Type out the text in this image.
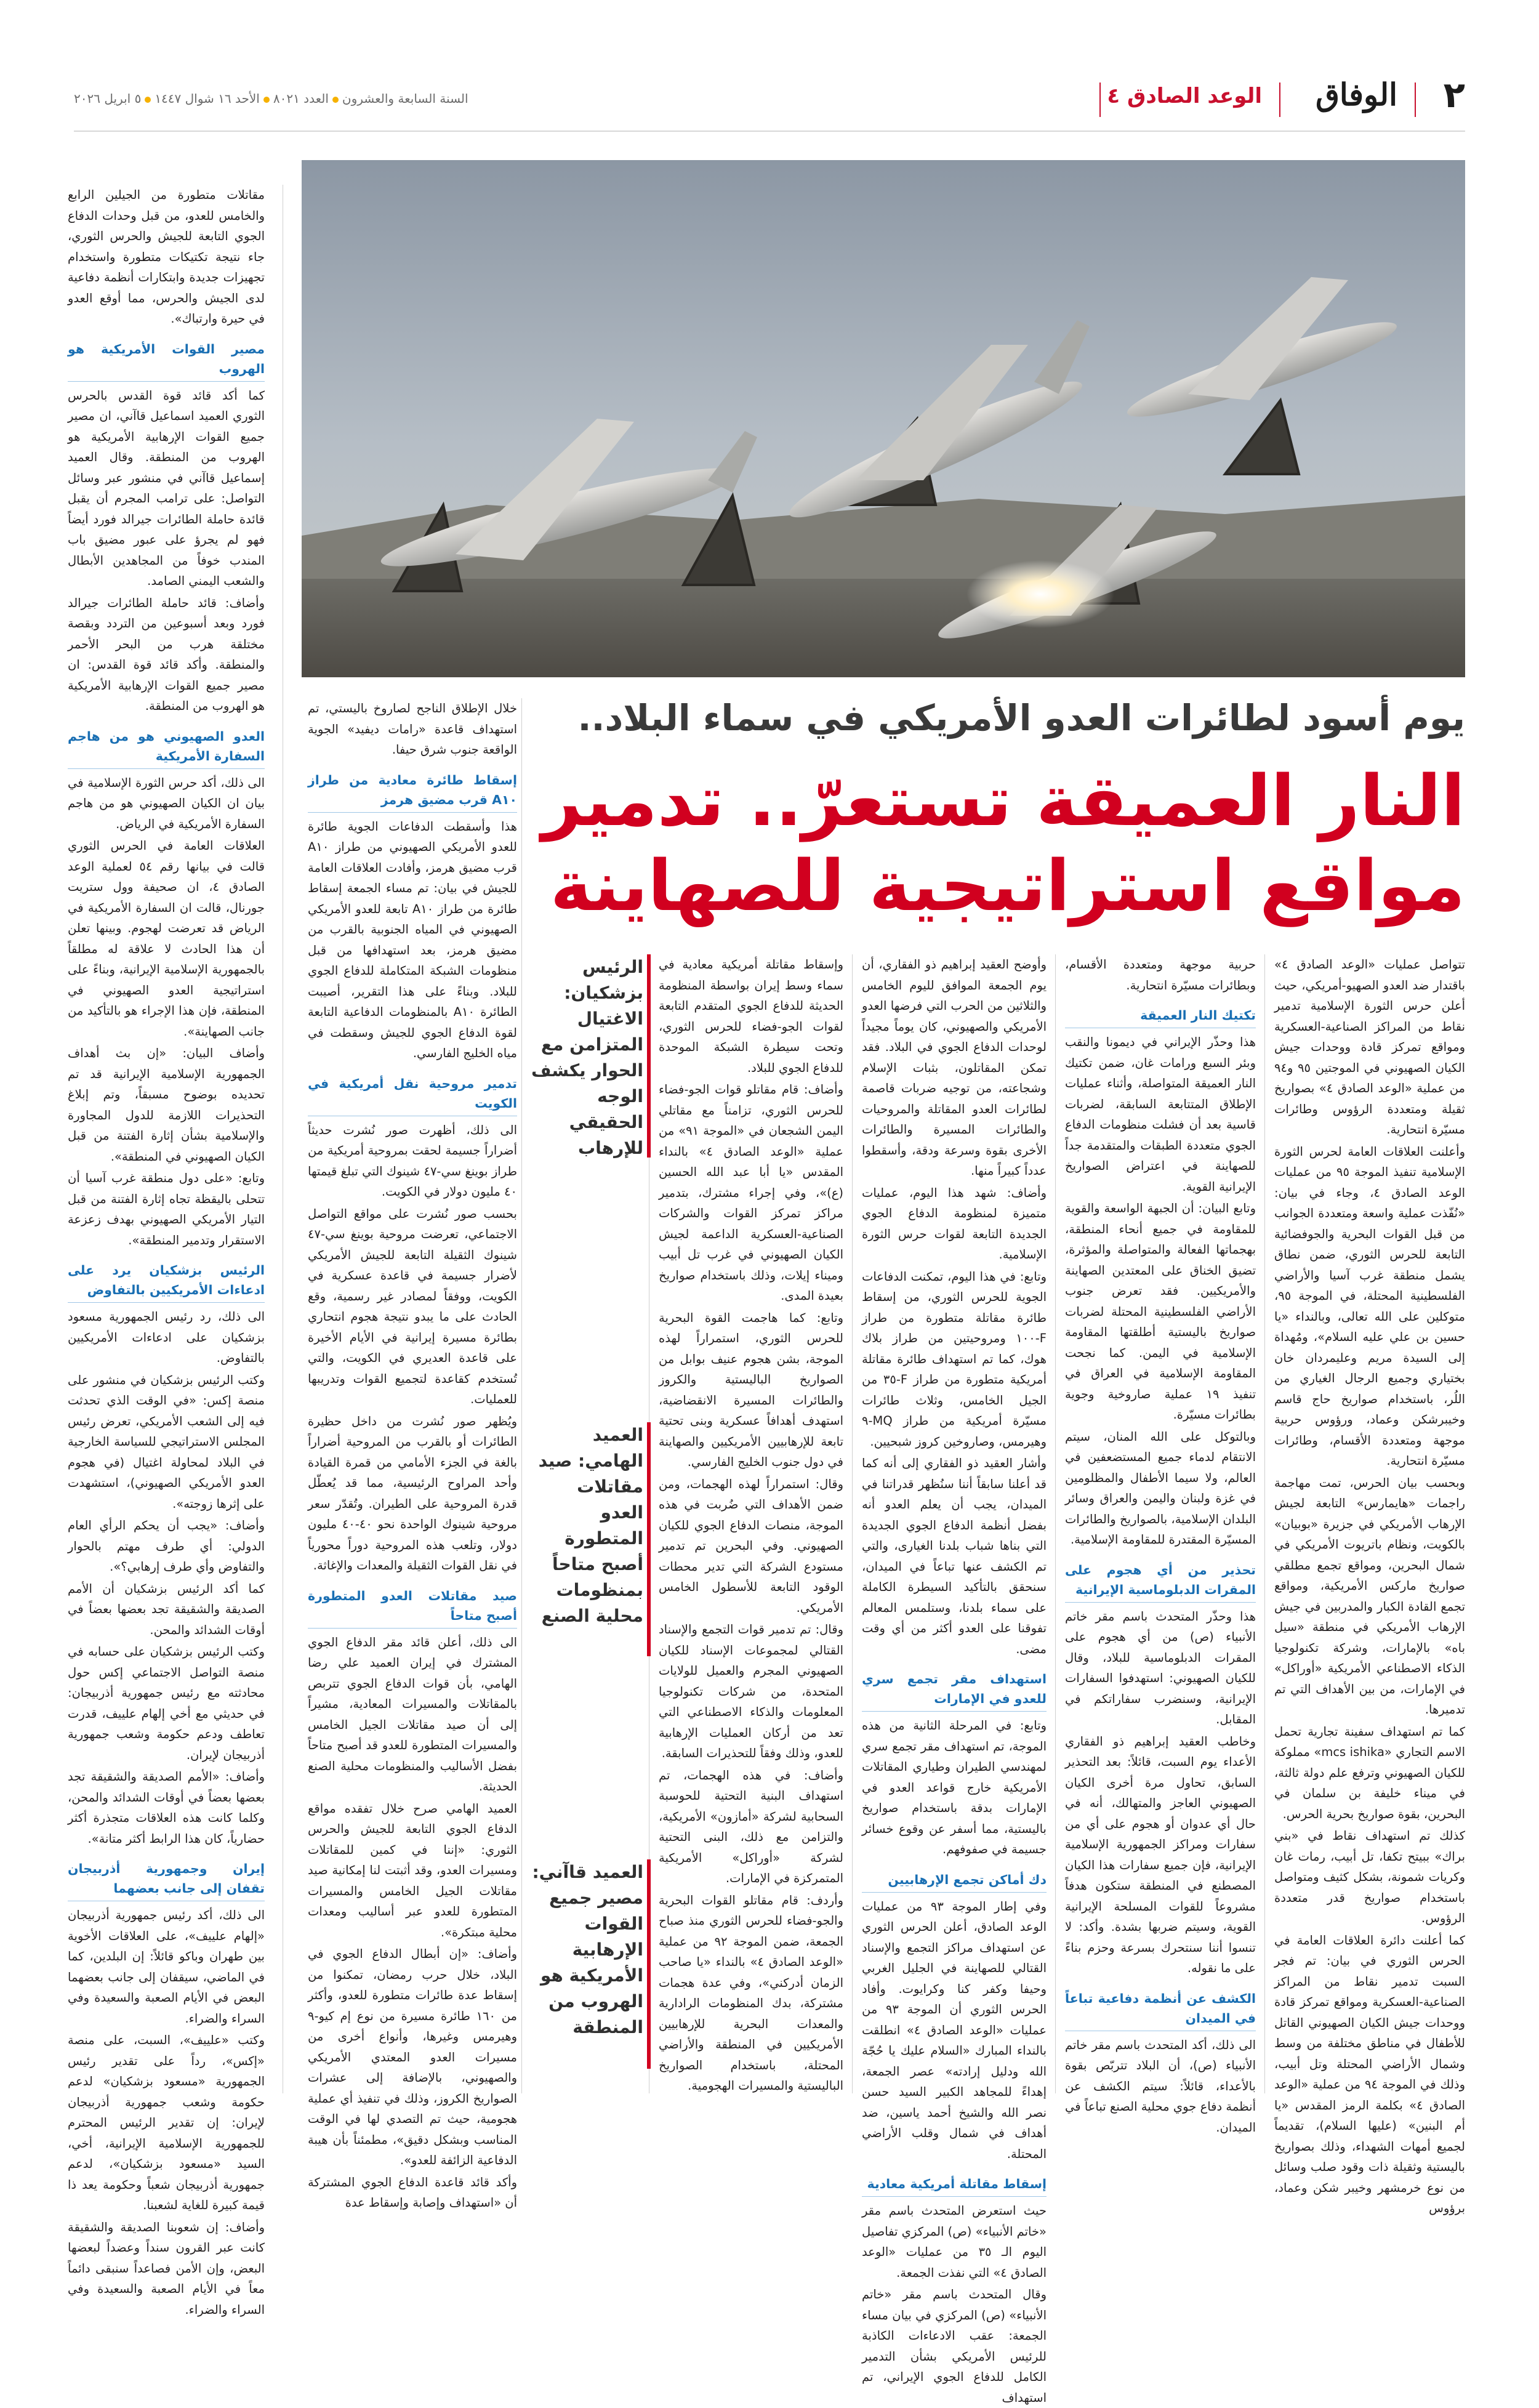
٢
الوفاق
الوعد الصادق ٤
السنة السابعة والعشرونالعدد ٨٠٢١الأحد ١٦ شوال ١٤٤٧٥ ابريل ٢٠٢٦
يوم أسود لطائرات العدو الأمريكي في سماء البلاد..
النار العميقة تستعرّ.. تدمير
مواقع استراتيجية للصهاينة

تتواصل عمليات «الوعد الصادق ٤» باقتدار ضد العدو الصهيو-أمريكي، حيث أعلن حرس الثورة الإسلامية تدمير نقاط من المراكز الصناعية-العسكرية ومواقع تمركز قادة ووحدات جيش الكيان الصهيوني في الموجتين ٩٥ و٩٤ من عملية «الوعد الصادق ٤» بصواريخ ثقيلة ومتعددة الرؤوس وطائرات مسيّرة انتحارية.

وأعلنت العلاقات العامة لحرس الثورة الإسلامية تنفيذ الموجة ٩٥ من عمليات الوعد الصادق ٤، وجاء في بيان: «نُفّذت عملية واسعة ومتعددة الجوانب من قبل القوات البحرية والجوفضائية التابعة للحرس الثوري، ضمن نطاق يشمل منطقة غرب آسيا والأراضي الفلسطينية المحتلة، في الموجة ٩٥، متوكلين على الله تعالى، وبالنداء «يا حسين بن علي عليه السلام»، ومُهداة إلى السيدة مريم وعليمردان خان بختياري وجميع الرجال الغياري من اللُر، باستخدام صواريخ حاج قاسم وخيبرشكن وعماد، ورؤوس حربية موجهة ومتعددة الأقسام، وطائرات مسيّرة انتحارية.

وبحسب بيان الحرس، تمت مهاجمة راجمات «هايمارس» التابعة لجيش الإرهاب الأمريكي في جزيرة «بوبيان» بالكويت، ونظام باتريوت الأمريكي في شمال البحرين، ومواقع تجمع مطلقي صواريخ ماركس الأمريكية، ومواقع تجمع القادة الكبار والمدربين في جيش الإرهاب الأمريكي في منطقة «سيل باه» بالإمارات، وشركة تكنولوجيا الذكاء الاصطناعي الأمريكية «أوراكل» في الإمارات، من بين الأهداف التي تم تدميرها.

كما تم استهداف سفينة تجارية تحمل الاسم التجاري «mcs ishika» مملوكة للكيان الصهيوني وترفع علم دولة ثالثة، في ميناء خليفة بن سلمان في البحرين، بقوة صواريخ بحرية الحرس.

كذلك تم استهداف نقاط في «بني براك» ببيتح تكفا، تل أبيب، رمات غان وكريات شمونة، بشكل كثيف ومتواصل باستخدام صواريخ قدر متعددة الرؤوس.

كما أعلنت دائرة العلاقات العامة في الحرس الثوري في بيان: تم فجر السبت تدمير نقاط من المراكز الصناعية-العسكرية ومواقع تمركز قادة ووحدات جيش الكيان الصهيوني القاتل للأطفال في مناطق مختلفة من وسط وشمال الأراضي المحتلة وتل أبيب، وذلك في الموجة ٩٤ من عملية «الوعد الصادق ٤» بكلمة الرمز المقدس «يا أم البنين» (عليها السلام)، تقديماً لجميع أمهات الشهداء، وذلك بصواريخ باليستية وثقيلة ذات وقود صلب وسائل من نوع خرمشهر وخيبر شكن وعماد، برؤوس

حربية موجهة ومتعددة الأقسام، وبطائرات مسيّرة انتحارية.

تكتيك النار العميقة

هذا وحذّر الإيراني في ديمونا والنقب وبئر السبع ورامات غان، ضمن تكتيك النار العميقة المتواصلة، وأثناء عمليات الإطلاق المتتابعة السابقة، لضربات قاسية بعد أن فشلت منظومات الدفاع الجوي متعددة الطبقات والمتقدمة جداً للصهاينة في اعتراض الصواريخ الإيرانية القوية.

وتابع البيان: أن الجبهة الواسعة والقوية للمقاومة في جميع أنحاء المنطقة، بهجماتها الفعالة والمتواصلة والمؤثرة، تضيق الخناق على المعتدين الصهاينة والأمريكيين. فقد تعرض جنوب الأراضي الفلسطينية المحتلة لضربات صواريخ باليستية أطلقتها المقاومة الإسلامية في اليمن. كما نجحت المقاومة الإسلامية في العراق في تنفيذ ١٩ عملية صاروخية وجوية بطائرات مسيّرة.

وبالتوكل على الله المنان، سيتم الانتقام لدماء جميع المستضعفين في العالم، ولا سيما الأطفال والمظلومين في غزة ولبنان واليمن والعراق وسائر البلدان الإسلامية، بالصواريخ والطائرات المسيّرة المقتدرة للمقاومة الإسلامية.

تحذير من أي هجوم على المقرات الدبلوماسية الإيرانية

هذا وحذّر المتحدث باسم مقر خاتم الأنبياء (ص) من أي هجوم على المقرات الدبلوماسية للبلاد، وقال للكيان الصهيوني: استهدفوا السفارات الإيرانية، وسنضرب سفاراتكم في المقابل.

وخاطب العقيد إبراهيم ذو الفقاري الأعداء يوم السبت، قائلاً: بعد التحذير السابق، تحاول مرة أخرى الكيان الصهيوني العاجز والمتهالك، أنه في حال أي عدوان أو هجوم على أي من سفارات ومراكز الجمهورية الإسلامية الإيرانية، فإن جميع سفارات هذا الكيان المصطنع في المنطقة ستكون هدفاً مشروعاً للقوات المسلحة الإيرانية القوية، وسيتم ضربها بشدة. وأكد: لا تنسوا أننا سنتحرك بسرعة وحزم بناءً على ما نقوله.

الكشف عن أنظمة دفاعية تباعاً في الميدان

الى ذلك، أكد المتحدث باسم مقر خاتم الأنبياء (ص)، أن البلاد تتربّص بقوة بالأعداء، قائلاً: سيتم الكشف عن أنظمة دفاع جوي محلية الصنع تباعاً في الميدان.

وأوضح العقيد إبراهيم ذو الفقاري، أن يوم الجمعة الموافق لليوم الخامس والثلاثين من الحرب التي فرضها العدو الأمريكي والصهيوني، كان يوماً مجيداً لوحدات الدفاع الجوي في البلاد. فقد تمكن المقاتلون، بثبات الإسلام وشجاعته، من توجيه ضربات قاصمة لطائرات العدو المقاتلة والمروحيات والطائرات المسيرة والطائرات الأخرى بقوة وسرعة ودقة، وأسقطوا عدداً كبيراً منها.

وأضاف: شهد هذا اليوم، عمليات متميزة لمنظومة الدفاع الجوي الجديدة التابعة لقوات حرس الثورة الإسلامية.

وتابع: في هذا اليوم، تمكنت الدفاعات الجوية للحرس الثوري، من إسقاط طائرة مقاتلة متطورة من طراز F-١٠٠ ومروحيتين من طراز بلاك هوك، كما تم استهداف طائرة مقاتلة أمريكية متطورة من طراز F-٣٥ من الجيل الخامس، وثلاث طائرات مسيّرة أمريكية من طراز MQ-٩ وهيرمس، وصاروخين كروز شبحيين.

وأشار العقيد ذو الفقاري إلى أنه كما قد أعلنا سابقاً أننا سنُظهر قدراتنا في الميدان، يجب أن يعلم العدو أنه بفضل أنظمة الدفاع الجوي الجديدة التي بناها شباب بلدنا الغيارى، والتي تم الكشف عنها تباعاً في الميدان، سنحقق بالتأكيد السيطرة الكاملة على سماء بلدنا، وستلمس المعالم تفوقنا على العدو أكثر من أي وقت مضى.

استهداف مقر تجمع سري للعدو في الإمارات

وتابع: في المرحلة الثانية من هذه الموجة، تم استهداف مقر تجمع سري لمهندسي الطيران وطياري المقاتلات الأمريكية خارج قواعد العدو في الإمارات بدقة باستخدام صواريخ باليستية، مما أسفر عن وقوع خسائر جسيمة في صفوفهم.

دك أماكن تجمع الإرهابيين

وفي إطار الموجة ٩٣ من عمليات الوعد الصادق، أعلن الحرس الثوري عن استهداف مراكز التجمع والإسناد القتالي للصهاينة في الجليل الغربي وحيفا وكفر كنا وكرايوت. وأفاد الحرس الثوري أن الموجة ٩٣ من عمليات «الوعد الصادق ٤» انطلقت بالنداء المبارك «السلام عليك يا حُجّة الله ودليل إرادته» عصر الجمعة، إهداءً للمجاهد الكبير السيد حسن نصر الله والشيخ أحمد ياسين، ضد أهداف في شمال وقلب الأراضي المحتلة.

إسقاط مقاتلة أمريكية معادية

حيث استعرض المتحدث باسم مقر «خاتم الأنبياء» (ص) المركزي تفاصيل اليوم الـ ٣٥ من عمليات «الوعد الصادق ٤» التي نفذت الجمعة.

وقال المتحدث باسم مقر «خاتم الأنبياء» (ص) المركزي في بيان مساء الجمعة: عقب الادعاءات الكاذبة للرئيس الأمريكي بشأن التدمير الكامل للدفاع الجوي الإيراني، تم استهداف

وإسقاط مقاتلة أمريكية معادية في سماء وسط إيران بواسطة المنظومة الحديثة للدفاع الجوي المتقدم التابعة لقوات الجو-فضاء للحرس الثوري، وتحت سيطرة الشبكة الموحدة للدفاع الجوي للبلاد.

وأضاف: قام مقاتلو قوات الجو-فضاء للحرس الثوري، تزامناً مع مقاتلي اليمن الشجعان في «الموجة ٩١» من عملية «الوعد الصادق ٤» بالنداء المقدس «يا أبا عبد الله الحسين (ع)»، وفي إجراء مشترك، بتدمير مراكز تمركز القوات والشركات الصناعية-العسكرية الداعمة لجيش الكيان الصهيوني في غرب تل أبيب وميناء إيلات، وذلك باستخدام صواريخ بعيدة المدى.

وتابع: كما هاجمت القوة البحرية للحرس الثوري، استمراراً لهذه الموجة، بشن هجوم عنيف بوابل من الصواريخ الباليستية والكروز والطائرات المسيرة الانقضاضية، استهدف أهدافاً عسكرية وبنى تحتية تابعة للإرهابيين الأمريكيين والصهاينة في دول جنوب الخليج الفارسي.

وقال: استمراراً لهذه الهجمات، ومن ضمن الأهداف التي ضُربت في هذه الموجة، منصات الدفاع الجوي للكيان الصهيوني. وفي البحرين تم تدمير مستودع الشركة التي تدير محطات الوقود التابعة للأسطول الخامس الأمريكي.

وقال: تم تدمير قوات التجمع والإسناد القتالي لمجموعات الإسناد للكيان الصهيوني المجرم والعميل للولايات المتحدة، من شركات تكنولوجيا المعلومات والذكاء الاصطناعي التي تعد من أركان العمليات الإرهابية للعدو، وذلك وفقاً للتحذيرات السابقة.

وأضاف: في هذه الهجمات، تم استهداف البنية التحتية للحوسبة السحابية لشركة «أمازون» الأمريكية، والتزامن مع ذلك، البنى التحتية لشركة «أوراكل» الأمريكية المتمركزة في الإمارات.

وأردف: قام مقاتلو القوات البحرية والجو-فضاء للحرس الثوري منذ صباح الجمعة، ضمن الموجة ٩٢ من عملية «الوعد الصادق ٤» بالنداء «يا صاحب الزمان أدركني»، وفي عدة هجمات مشتركة، بدك المنظومات الرادارية والمعدات البحرية للإرهابيين الأمريكيين في المنطقة والأراضي المحتلة، باستخدام الصواريخ الباليستية والمسيرات الهجومية.

الرئيس بزشكيان: الاغتيال المتزامن مع الحوار يكشف الوجه الحقيقي للإرهاب
العميد الهامي: صيد مقاتلات العدو المتطورة أصبح متاحاً بمنظومات محلية الصنع
العميد قاآني: مصير جميع القوات الإرهابية الأمريكية هو الهروب من المنطقة

خلال الإطلاق الناجح لصاروخ باليستي، تم استهداف قاعدة «رامات ديفيد» الجوية الواقعة جنوب شرق حيفا.

إسقاط طائرة معادية من طراز A١٠ قرب مضيق هرمز

هذا وأسقطت الدفاعات الجوية طائرة للعدو الأمريكي الصهيوني من طراز A١٠ قرب مضيق هرمز، وأفادت العلاقات العامة للجيش في بيان: تم مساء الجمعة إسقاط طائرة من طراز A١٠ تابعة للعدو الأمريكي الصهيوني في المياه الجنوبية بالقرب من مضيق هرمز، بعد استهدافها من قبل منظومات الشبكة المتكاملة للدفاع الجوي للبلاد. وبناءً على هذا التقرير، أصيبت الطائرة A١٠ بالمنظومات الدفاعية التابعة لقوة الدفاع الجوي للجيش وسقطت في مياه الخليج الفارسي.

تدمير مروحية نقل أمريكية في الكويت

الى ذلك، أظهرت صور نُشرت حديثاً أضراراً جسيمة لحقت بمروحية أمريكية من طراز بوينغ سي-٤٧ شينوك التي تبلغ قيمتها ٤٠ مليون دولار في الكويت.

بحسب صور نُشرت على مواقع التواصل الاجتماعي، تعرضت مروحية بوينغ سي-٤٧ شينوك الثقيلة التابعة للجيش الأمريكي لأضرار جسيمة في قاعدة عسكرية في الكويت، ووفقاً لمصادر غير رسمية، وقع الحادث على ما يبدو نتيجة هجوم انتحاري بطائرة مسيرة إيرانية في الأيام الأخيرة على قاعدة العديري في الكويت، والتي تُستخدم كقاعدة لتجميع القوات وتدريبها للعمليات.

ويُظهر صور نُشرت من داخل حظيرة الطائرات أو بالقرب من المروحية أضراراً بالغة في الجزء الأمامي من قمرة القيادة وأحد المراوح الرئيسية، مما قد يُعطّل قدرة المروحية على الطيران. وتُقدّر سعر مروحية شينوك الواحدة نحو ٤٠-٤٠ مليون دولار، وتلعب هذه المروحية دوراً محورياً في نقل القوات الثقيلة والمعدات والإغاثة.

صيد مقاتلات العدو المتطورة أصبح متاحاً

الى ذلك، أعلن قائد مقر الدفاع الجوي المشترك في إيران العميد علي رضا الهامي، بأن قوات الدفاع الجوي تتربص بالمقاتلات والمسيرات المعادية، مشيراً إلى أن صيد مقاتلات الجيل الخامس والمسيرات المتطورة للعدو قد أصبح متاحاً بفضل الأساليب والمنظومات محلية الصنع الحديثة.

العميد الهامي صرح خلال تفقده مواقع الدفاع الجوي التابعة للجيش والحرس الثوري: «إننا في كمين للمقاتلات ومسيرات العدو، وقد أثبتت لنا إمكانية صيد مقاتلات الجيل الخامس والمسيرات المتطورة للعدو عبر أساليب ومعدات محلية مبتكرة».

وأضاف: «إن أبطال الدفاع الجوي في البلاد، خلال حرب رمضان، تمكنوا من إسقاط عدة طائرات متطورة للعدو، وأكثر من ١٦٠ طائرة مسيرة من نوع إم كيو-٩ وهيرمس وغيرها، وأنواع أخرى من مسيرات العدو المعتدي الأمريكي والصهيوني، بالإضافة إلى عشرات الصواريخ الكروز، وذلك في تنفيذ أي عملية هجومية، حيث تم التصدي لها في الوقت المناسب وبشكل دقيق»، مطمئناً بأن هيبة الدفاعية الزائفة للعدو».

وأكد قائد قاعدة الدفاع الجوي المشتركة أن «استهداف وإصابة وإسقاط عدة

مقاتلات متطورة من الجيلين الرابع والخامس للعدو، من قبل وحدات الدفاع الجوي التابعة للجيش والحرس الثوري، جاء نتيجة تكتيكات متطورة واستخدام تجهيزات جديدة وابتكارات أنظمة دفاعية لدى الجيش والحرس، مما أوقع العدو في حيرة وارتباك».

مصير القوات الأمريكية هو الهروب

كما أكد قائد قوة القدس بالحرس الثوري العميد اسماعيل قاآني، ان مصير جميع القوات الإرهابية الأمريكية هو الهروب من المنطقة. وقال العميد إسماعيل قاآني في منشور عبر وسائل التواصل: على ترامب المجرم أن يقبل قائدة حاملة الطائرات جيرالد فورد أيضاً فهو لم يجرؤ على عبور مضيق باب المندب خوفاً من المجاهدين الأبطال والشعب اليمني الصامد.

وأضاف: قائد حاملة الطائرات جيرالد فورد وبعد أسبوعين من التردد وبقصة مختلقة هرب من البحر الأحمر والمنطقة. وأكد قائد قوة القدس: ان مصير جميع القوات الإرهابية الأمريكية هو الهروب من المنطقة.

العدو الصهيوني هو من هاجم السفارة الأمريكية

الى ذلك، أكد حرس الثورة الإسلامية في بيان ان الكيان الصهيوني هو من هاجم السفارة الأمريكية في الرياض.

العلاقات العامة في الحرس الثوري قالت في بيانها رقم ٥٤ لعملية الوعد الصادق ٤، ان صحيفة وول ستريت جورنال، قالت ان السفارة الأمريكية في الرياض قد تعرضت لهجوم. وبينها تعلن أن هذا الحادث لا علاقة له مطلقاً بالجمهورية الإسلامية الإيرانية، وبناءً على استراتيجية العدو الصهيوني في المنطقة، فإن هذا الإجراء هو بالتأكيد من جانب الصهاينة».

وأضاف البيان: «إن بث أهداف الجمهورية الإسلامية الإيرانية قد تم تحديده بوضوح مسبقاً، وتم إبلاغ التحذيرات اللازمة للدول المجاورة والإسلامية بشأن إثارة الفتنة من قبل الكيان الصهيوني في المنطقة».

وتابع: «على دول منطقة غرب آسيا أن تتحلى باليقظة تجاه إثارة الفتنة من قبل التيار الأمريكي الصهيوني بهدف زعزعة الاستقرار وتدمير المنطقة».

الرئيس بزشكيان يرد على ادعاءات الأمريكيين بالتفاوض

الى ذلك، رد رئيس الجمهورية مسعود بزشكيان على ادعاءات الأمريكيين بالتفاوض.

وكتب الرئيس بزشكيان في منشور على منصة إكس: «في الوقت الذي تحدثت فيه إلى الشعب الأمريكي، تعرض رئيس المجلس الاستراتيجي للسياسة الخارجية في البلاد لمحاولة اغتيال (في هجوم العدو الأمريكي الصهيوني)، استشهدت على إثرها زوجته».

وأضاف: «يجب أن يحكم الرأي العام الدولي: أي طرف مهتم بالحوار والتفاوض وأي طرف إرهابي؟».

كما أكد الرئيس بزشكيان أن الأمم الصديقة والشقيقة تجد بعضها بعضاً في أوقات الشدائد والمحن.

وكتب الرئيس بزشكيان على حسابه في منصة التواصل الاجتماعي إكس حول محادثته مع رئيس جمهورية أذربيجان: في حديثي مع أخي إلهام علييف، قدرت تعاطف ودعم حكومة وشعب جمهورية أذربيجان لإيران.

وأضاف: «الأمم الصديقة والشقيقة تجد بعضها بعضاً في أوقات الشدائد والمحن، وكلما كانت هذه العلاقات متجذرة أكثر حضارياً، كان هذا الرابط أكثر متانة».

إيران وجمهورية أذربيجان تقفان إلى جانب بعضهما

الى ذلك، أكد رئيس جمهورية أذربيجان «إلهام علييف»، على العلاقات الأخوية بين طهران وباكو قائلاً: إن البلدين، كما في الماضي، سيقفان إلى جانب بعضهما البعض في الأيام الصعبة والسعيدة وفي السراء والضراء.

وكتب «علييف»، السبت، على منصة «إكس»، رداً على تقدير رئيس الجمهورية «مسعود بزشكيان» لدعم حكومة وشعب جمهورية أذربيجان لإيران: إن تقدير الرئيس المحترم للجمهورية الإسلامية الإيرانية، أخي، السيد «مسعود بزشكيان»، لدعم جمهورية أذربيجان شعباً وحكومة يعد ذا قيمة كبيرة للغاية لشعبنا.

وأضاف: إن شعوبنا الصديقة والشقيقة كانت عبر القرون سنداً وعضداً لبعضها البعض، وإن الأمن فصاعداً سنبقى دائماً معاً في الأيام الصعبة والسعيدة وفي السراء والضراء.
